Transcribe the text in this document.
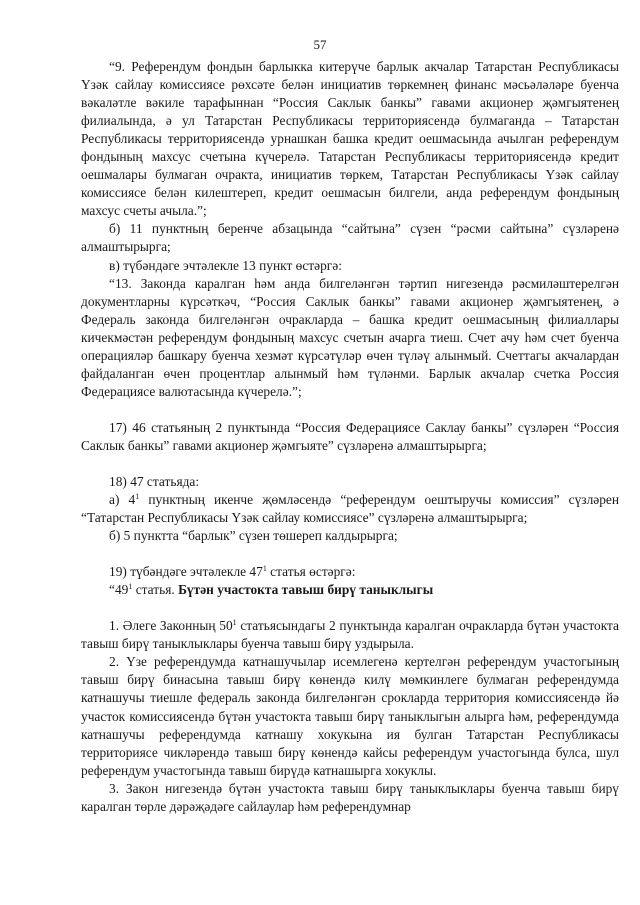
57

“9. Референдум фондын барлыкка китерүче барлык акчалар Татарстан Республикасы Үзәк сайлау комиссиясе рөхсәте белән инициатив төркемнең финанс мәсьәләләре буенча вәкаләтле вәкиле тарафыннан “Россия Саклык банкы” гавами акционер җәмгыятенең филиалында, ә ул Татарстан Республикасы территориясендә булмаганда – Татарстан Республикасы территориясендә урнашкан башка кредит оешмасында ачылган референдум фондының махсус счетына күчерелә. Татарстан Республикасы территориясендә кредит оешмалары булмаган очракта, инициатив төркем, Татарстан Республикасы Үзәк сайлау комиссиясе белән килештереп, кредит оешмасын билгели, анда референдум фондының махсус счеты ачыла.”;

б) 11 пунктның беренче абзацында “сайтына” сүзен “рәсми сайтына” сүзләренә алмаштырырга;

в) түбәндәге эчтәлекле 13 пункт өстәргә:

“13. Законда каралган һәм анда билгеләнгән тәртип нигезендә рәсмиләштерелгән документларны күрсәткәч, “Россия Саклык банкы” гавами акционер җәмгыятенең, ә Федераль законда билгеләнгән очракларда – башка кредит оешмасының филиаллары кичекмәстән референдум фондының махсус счетын ачарга тиеш. Счет ачу һәм счет буенча операцияләр башкару буенча хезмәт күрсәтүләр өчен түләү алынмый. Счеттагы акчалардан файдаланган өчен процентлар алынмый һәм түләнми. Барлык акчалар счетка Россия Федерациясе валютасында күчерелә.”;

17) 46 статьяның 2 пунктында “Россия Федерациясе Саклау банкы” сүзләрен “Россия Саклык банкы” гавами акционер җәмгыяте” сүзләренә алмаштырырга;

18) 47 статьяда:

а) $4^1$ пунктның икенче җөмләсендә “референдум оештыручы комиссия” сүзләрен “Татарстан Республикасы Үзәк сайлау комиссиясе” сүзләренә алмаштырырга;

б) 5 пунктта “барлык” сүзен төшереп калдырырга;

19) түбәндәге эчтәлекле $47^1$ статья өстәргә:

“$49^1$ статья. Бүтән участокта тавыш бирү таныклыгы

1. Әлеге Законның $50^1$ статьясындагы 2 пунктында каралган очракларда бүтән участокта тавыш бирү таныклыклары буенча тавыш бирү уздырыла.

2. Үзе референдумда катнашучылар исемлегенә кертелгән референдум участогының тавыш бирү бинасына тавыш бирү көнендә килү мөмкинлеге булмаган референдумда катнашучы тиешле федераль законда билгеләнгән срокларда территория комиссиясендә йә участок комиссиясендә бүтән участокта тавыш бирү таныклыгын алырга һәм, референдумда катнашучы референдумда катнашу хокукына ия булган Татарстан Республикасы территориясе чикләрендә тавыш бирү көнендә кайсы референдум участогында булса, шул референдум участогында тавыш бирүдә катнашырга хокуклы.

3. Закон нигезендә бүтән участокта тавыш бирү таныклыклары буенча тавыш бирү каралган төрле дәрәҗәдәге сайлаулар һәм референдумнар
